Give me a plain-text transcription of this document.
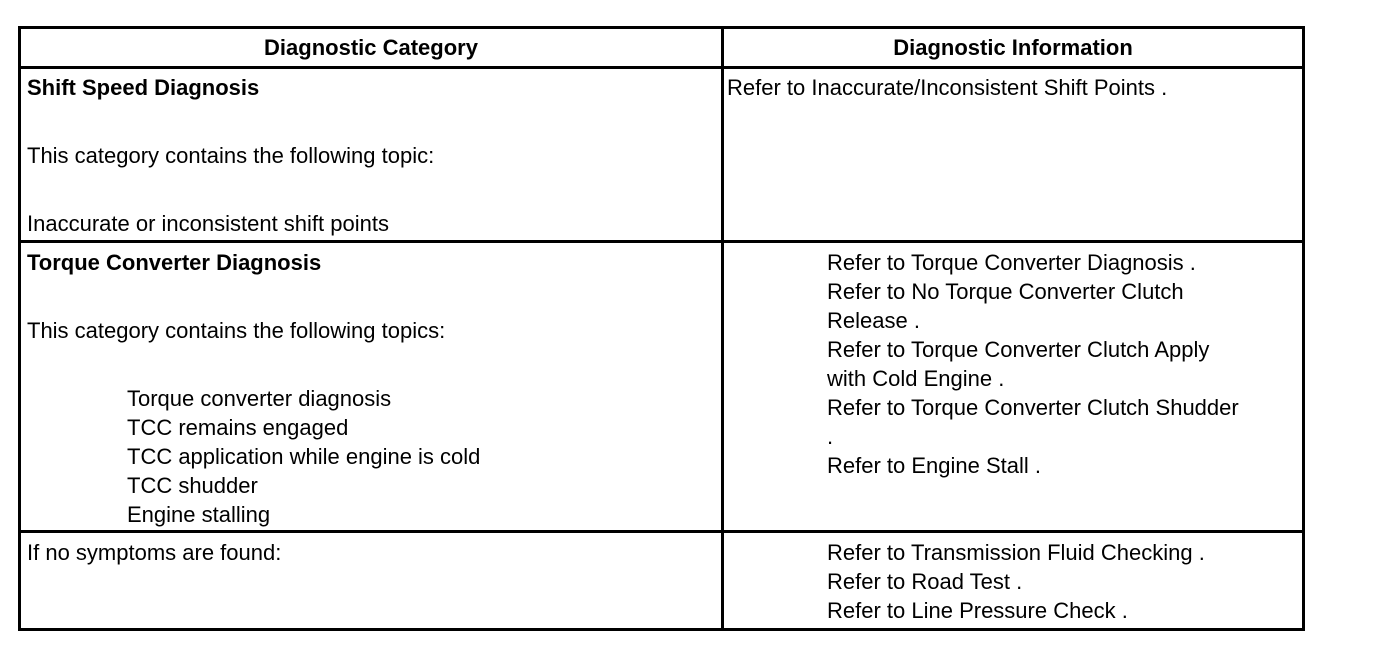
Diagnostic Category	Diagnostic Information
Shift Speed Diagnosis
This category contains the following topic:
Inaccurate or inconsistent shift points
Refer to Inaccurate/Inconsistent Shift Points .
Torque Converter Diagnosis
This category contains the following topics:
Torque converter diagnosis
TCC remains engaged
TCC application while engine is cold
TCC shudder
Engine stalling
Refer to Torque Converter Diagnosis .
Refer to No Torque Converter Clutch
Release .
Refer to Torque Converter Clutch Apply
with Cold Engine .
Refer to Torque Converter Clutch Shudder
.
Refer to Engine Stall .
If no symptoms are found:	Refer to Transmission Fluid Checking .
Refer to Road Test .
Refer to Line Pressure Check .
